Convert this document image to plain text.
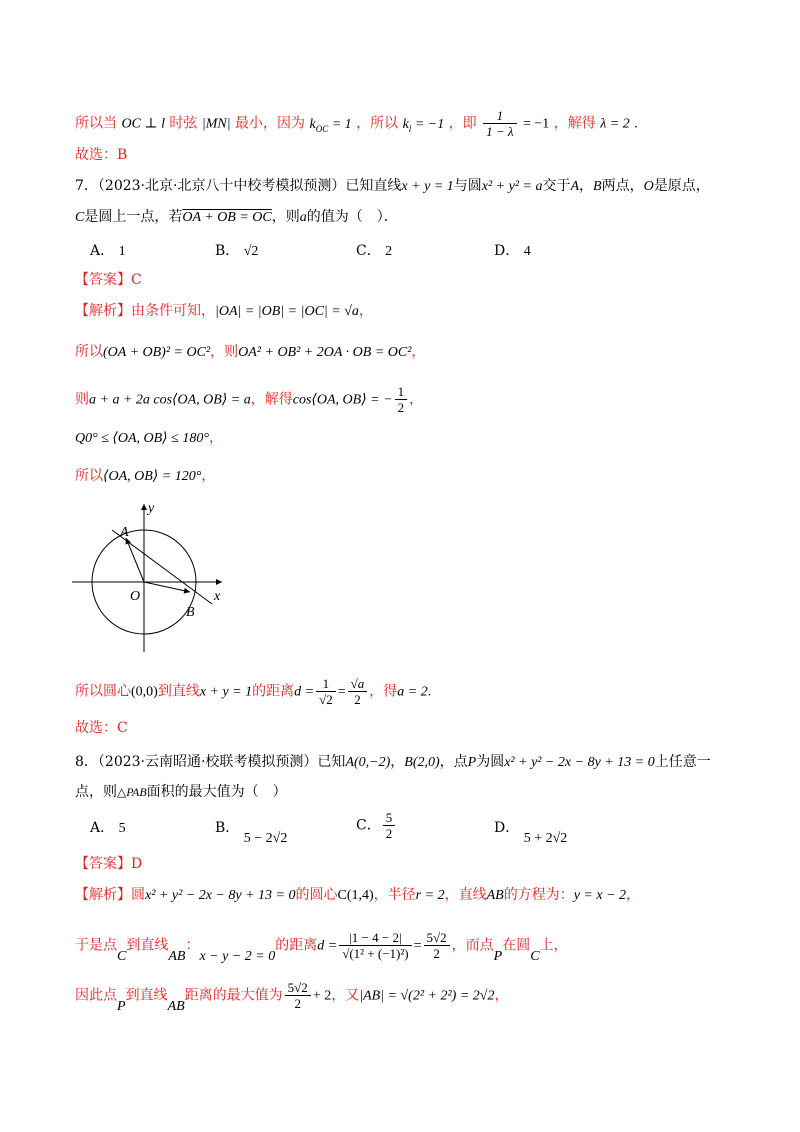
所以当 OC ⊥ l 时弦 |MN| 最小，因为 $k_{OC} = 1$ ，所以 $k_l = -1$ ，即 $\frac{1}{1 - \lambda} = -1$ ，解得 λ = 2 .
故选：B
7．（2023·北京·北京八十中校考模拟预测）已知直线x + y = 1与圆x² + y² = a交于A，B两点，O是原点，
C是圆上一点，若OA + OB = OC，则a的值为（　）．
A． 1	B． √2	C． 2	D． 4
【答案】C
【解析】由条件可知，|OA| = |OB| = |OC| = √a，
所以(OA + OB)² = OC²，则OA² + OB² + 2OA · OB = OC²，
则a + a + 2a cos⟨OA, OB⟩ = a，解得cos⟨OA, OB⟩ = − $\frac{1}{2}$ ，
Q0° ≤ ⟨OA, OB⟩ ≤ 180°，
所以⟨OA, OB⟩ = 120°，
y
x
A
B
O
所以圆心(0,0)到直线x + y = 1的距离$d = \frac{1}{√2} = \frac{√a}{2}$ ，得a = 2.
故选：C
8．（2023·云南昭通·校联考模拟预测）已知A(0,−2)，B(2,0)，点P为圆x² + y² − 2x − 8y + 13 = 0上任意一
点，则△PAB面积的最大值为（　）
A． 5	B． 5 − 2√2
C． $\frac{5}{2}$	D． 5 + 2√2
【答案】D
【解析】圆x² + y² − 2x − 8y + 13 = 0的圆心C(1,4)，半径r = 2，直线AB的方程为：y = x − 2，
于是点C到直线AB：x − y − 2 = 0的距离$d = \frac{|1 - 4 - 2|}{\text{√(1² + (−1)²)}} = \frac{5√2}{2}$ ，而点P在圆C上，
因此点P到直线AB距离的最大值为 $\frac{5√2}{2} + 2$，又|AB| = √(2² + 2²) = 2√2，
